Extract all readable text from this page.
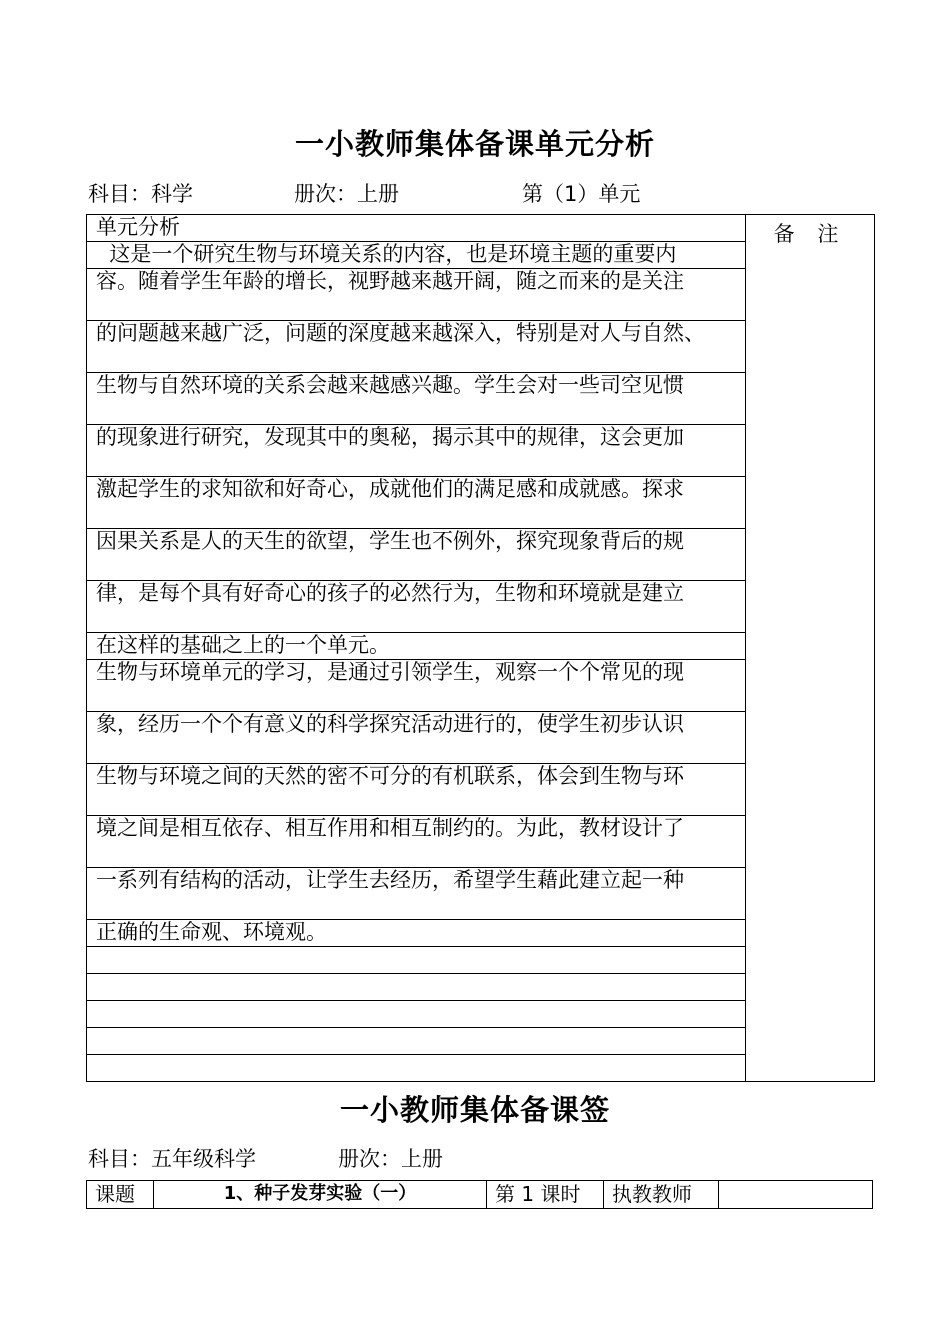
一小教师集体备课单元分析
科目：科学	册次：上册	第（1）单元
单元分析	备 注
这是一个研究生物与环境关系的内容，也是环境主题的重要内
容。随着学生年龄的增长，视野越来越开阔，随之而来的是关注
的问题越来越广泛，问题的深度越来越深入，特别是对人与自然、
生物与自然环境的关系会越来越感兴趣。学生会对一些司空见惯
的现象进行研究，发现其中的奥秘，揭示其中的规律，这会更加
激起学生的求知欲和好奇心，成就他们的满足感和成就感。探求
因果关系是人的天生的欲望，学生也不例外，探究现象背后的规
律，是每个具有好奇心的孩子的必然行为，生物和环境就是建立
在这样的基础之上的一个单元。
生物与环境单元的学习，是通过引领学生，观察一个个常见的现
象，经历一个个有意义的科学探究活动进行的，使学生初步认识
生物与环境之间的天然的密不可分的有机联系，体会到生物与环
境之间是相互依存、相互作用和相互制约的。为此，教材设计了
一系列有结构的活动，让学生去经历，希望学生藉此建立起一种
正确的生命观、环境观。

一小教师集体备课签
科目：五年级科学	册次：上册
课题	1、种子发芽实验（一）	第 1 课时	执教教师	
